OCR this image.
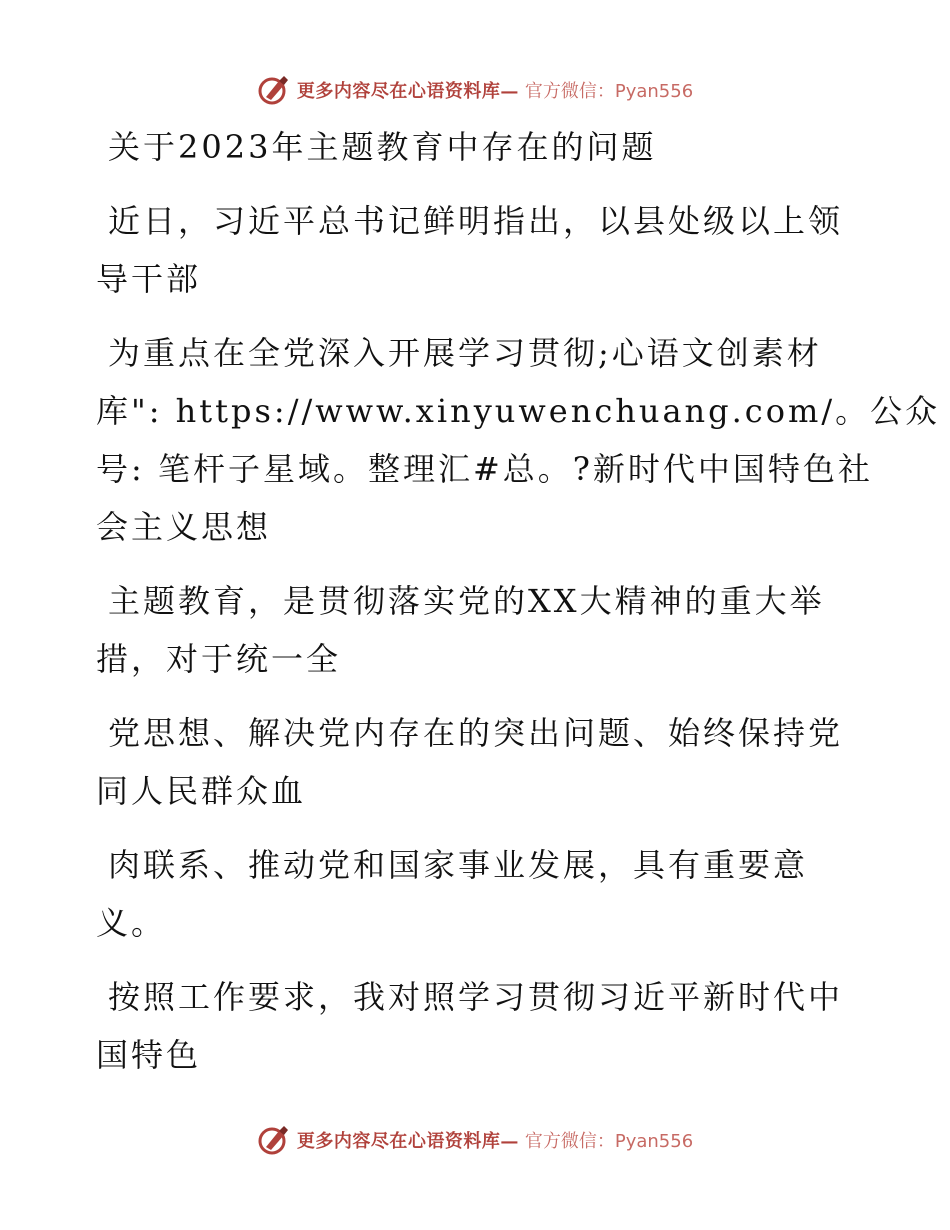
更多内容尽在心语资料库— 官方微信：Pyan556

关于2023年主题教育中存在的问题

近日，习近平总书记鲜明指出，以县处级以上领
导干部

为重点在全党深入开展学习贯彻;心语文创素材
库": https://www.xinyuwenchuang.com/。公众
号: 笔杆子星域。整理汇#总。?新时代中国特色社
会主义思想

主题教育，是贯彻落实党的XX大精神的重大举
措，对于统一全

党思想、解决党内存在的突出问题、始终保持党
同人民群众血

肉联系、推动党和国家事业发展，具有重要意
义。

按照工作要求，我对照学习贯彻习近平新时代中
国特色

更多内容尽在心语资料库— 官方微信：Pyan556
